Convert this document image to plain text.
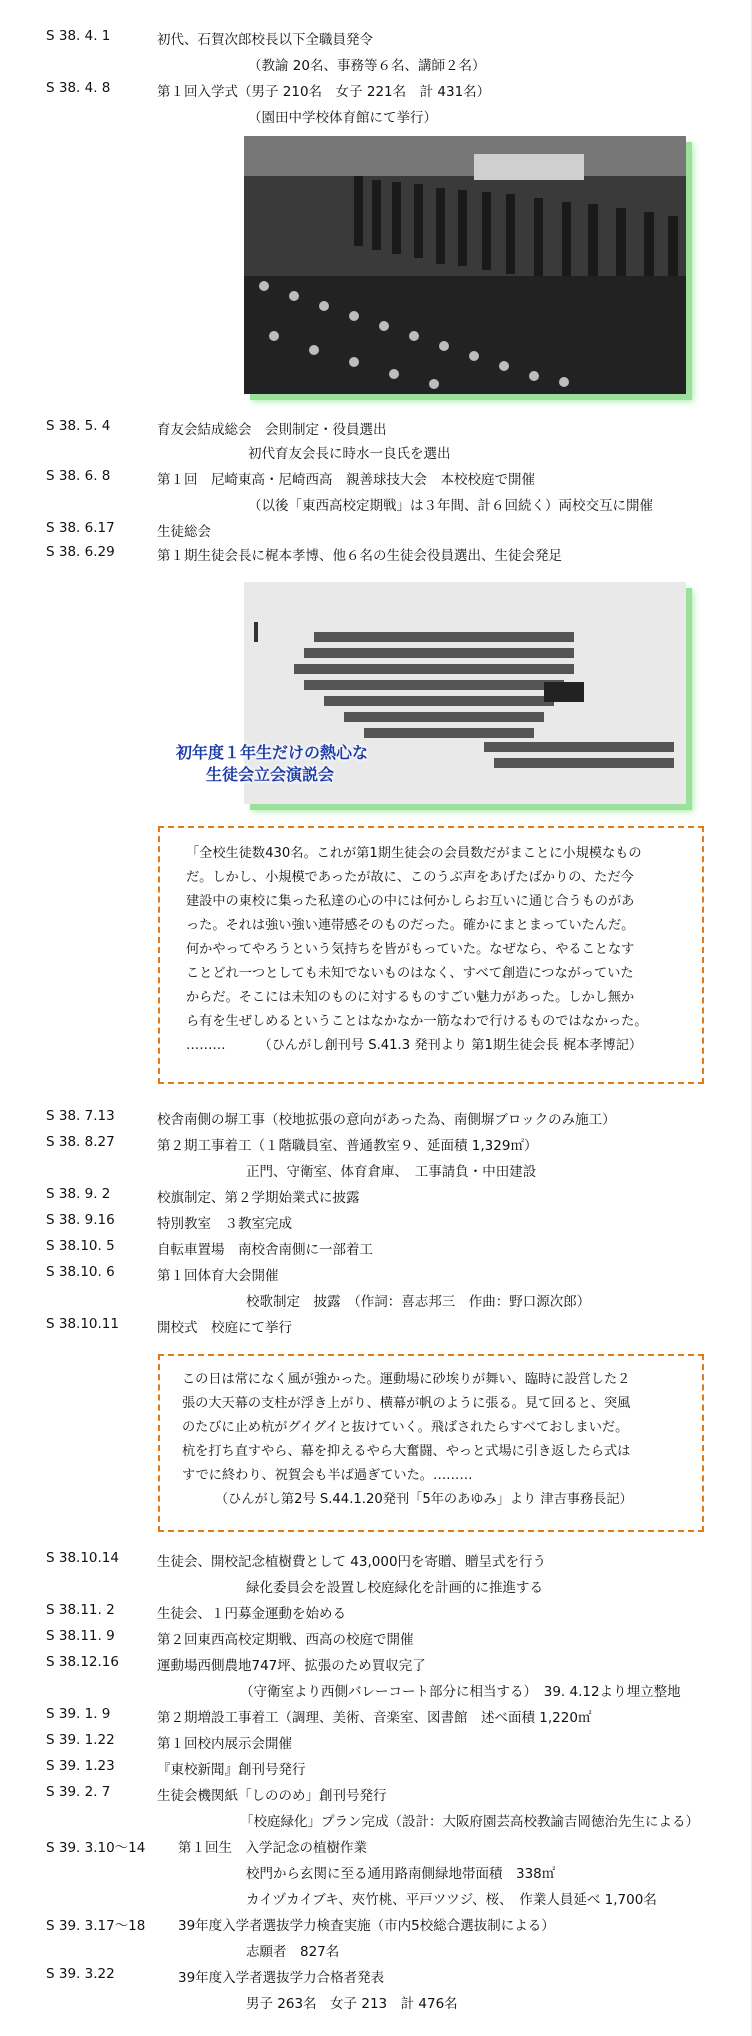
S 38. 4. 1	初代、石賀次郎校長以下全職員発令
（教諭 20名、事務等６名、講師２名）
S 38. 4. 8	第１回入学式（男子 210名　女子 221名　計 431名）
（園田中学校体育館にて挙行）
S 38. 5. 4	育友会結成総会　会則制定・役員選出
初代育友会長に時水一良氏を選出
S 38. 6. 8	第１回　尼崎東高・尼崎西高　親善球技大会　本校校庭で開催
（以後「東西高校定期戦」は３年間、計６回続く）両校交互に開催
S 38. 6.17	生徒総会
S 38. 6.29	第１期生徒会長に梶本孝博、他６名の生徒会役員選出、生徒会発足
初年度１年生だけの熱心な
生徒会立会演説会

「全校生徒数430名。これが第1期生徒会の会員数だがまことに小規模なもの

だ。しかし、小規模であったが故に、このうぶ声をあげたばかりの、ただ今

建設中の東校に集った私達の心の中には何かしらお互いに通じ合うものがあ

った。それは強い強い連帯感そのものだった。確かにまとまっていたんだ。

何かやってやろうという気持ちを皆がもっていた。なぜなら、やることなす

ことどれ一つとしても未知でないものはなく、すべて創造につながっていた

からだ。そこには未知のものに対するものすごい魅力があった。しかし無か

ら有を生ぜしめるということはなかなか一筋なわで行けるものではなかった。

………　　　（ひんがし創刊号 S.41.3 発刊より 第1期生徒会長 梶本孝博記）

S 38. 7.13	校舎南側の塀工事（校地拡張の意向があった為、南側塀ブロックのみ施工）
S 38. 8.27	第２期工事着工（１階職員室、普通教室９、延面積 1,329㎡）
正門、守衛室、体育倉庫、　工事請負・中田建設
S 38. 9. 2	校旗制定、第２学期始業式に披露
S 38. 9.16	特別教室　３教室完成
S 38.10. 5	自転車置場　南校舎南側に一部着工
S 38.10. 6	第１回体育大会開催
校歌制定　披露　（作詞：喜志邦三　作曲：野口源次郎）
S 38.10.11	開校式　校庭にて挙行

この日は常になく風が強かった。運動場に砂埃りが舞い、臨時に設営した２

張の大天幕の支柱が浮き上がり、横幕が帆のように張る。見て回ると、突風

のたびに止め杭がグイグイと抜けていく。飛ばされたらすべておしまいだ。

杭を打ち直すやら、幕を抑えるやら大奮闘、やっと式場に引き返したら式は

すでに終わり、祝賀会も半ば過ぎていた。………

　　　（ひんがし第2号 S.44.1.20発刊「5年のあゆみ」より 津吉事務長記）

S 38.10.14	生徒会、開校記念植樹費として 43,000円を寄贈、贈呈式を行う
緑化委員会を設置し校庭緑化を計画的に推進する
S 38.11. 2	生徒会、１円募金運動を始める
S 38.11. 9	第２回東西高校定期戦、西高の校庭で開催
S 38.12.16	運動場西側農地747坪、拡張のため買収完了
（守衛室より西側バレーコート部分に相当する）　39. 4.12より埋立整地
S 39. 1. 9	第２期増設工事着工（調理、美術、音楽室、図書館　述べ面積 1,220㎡
S 39. 1.22	第１回校内展示会開催
S 39. 1.23	『東校新聞』創刊号発行
S 39. 2. 7	生徒会機関紙「しののめ」創刊号発行
「校庭緑化」プラン完成（設計：大阪府園芸高校教諭吉岡徳治先生による）
S 39. 3.10～14	第１回生　入学記念の植樹作業
校門から玄関に至る通用路南側緑地帯面積　338㎡
カイヅカイブキ、夾竹桃、平戸ツツジ、桜、　作業人員延べ 1,700名
S 39. 3.17～18	39年度入学者選抜学力検査実施（市内5校総合選抜制による）
志願者　827名
S 39. 3.22	39年度入学者選抜学力合格者発表
男子 263名　女子 213　計 476名
